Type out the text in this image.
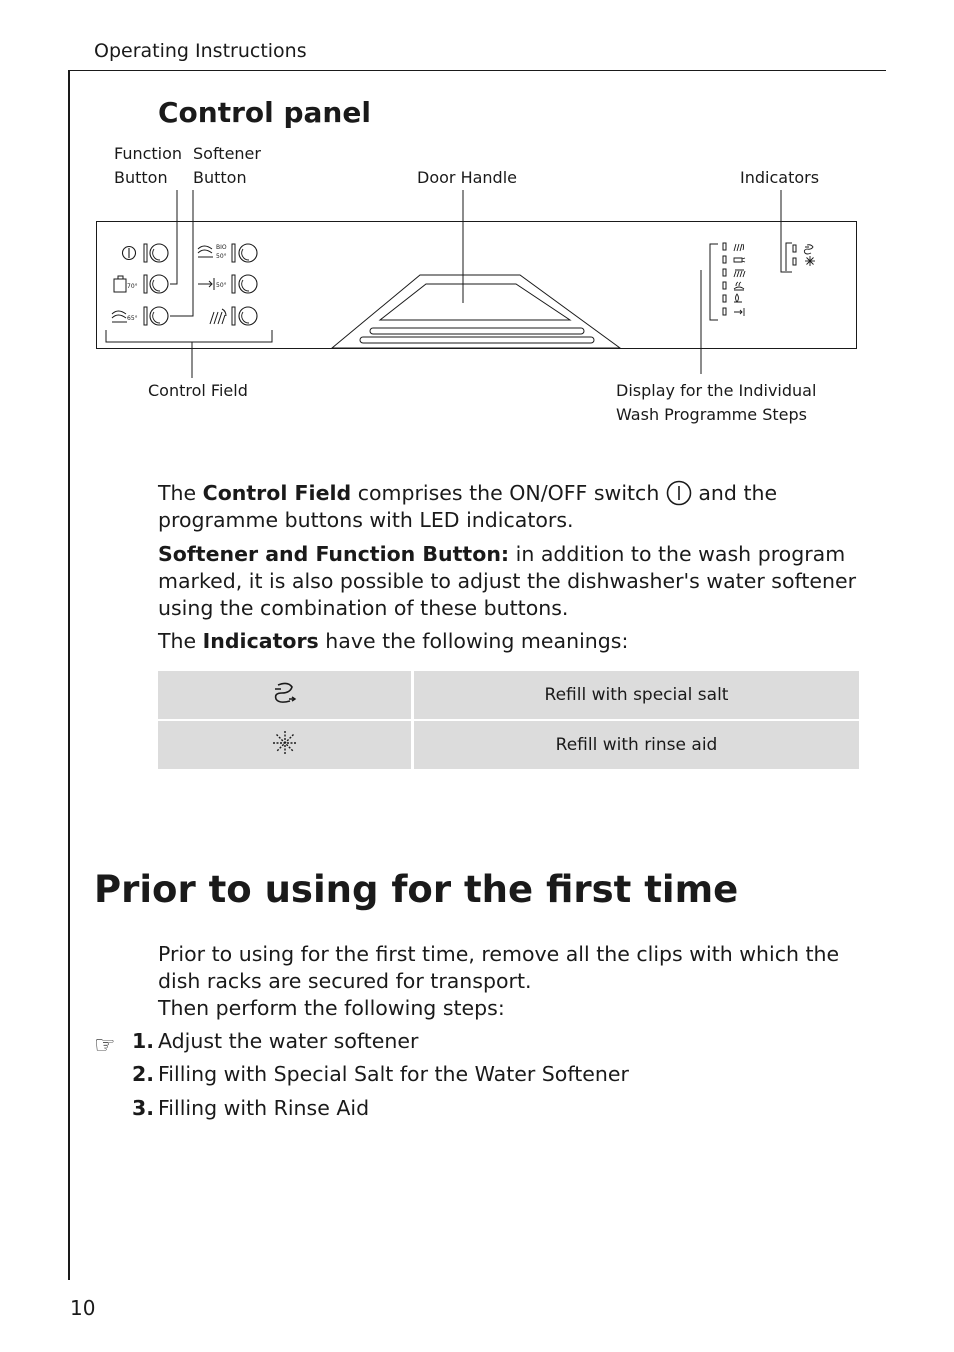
Operating Instructions
10
Control panel
Function
Button
Softener
Button	Door Handle	Indicators
Control Field	Display for the Individual
Wash Programme Steps
70°
65°
BIO
50°
50°
The Control Field comprises the ON/OFF switch  and the programme buttons with LED indicators.
Softener and Function Button: in addition to the wash program marked, it is also possible to adjust the dishwasher's water softener using the combination of these buttons.
The Indicators have the following meanings:
	Refill with special salt
	Refill with rinse aid
Prior to using for the first time
Prior to using for the first time, remove all the clips with which the dish racks are secured for transport.
Then perform the following steps:
☞ 1. Adjust the water softener
2. Filling with Special Salt for the Water Softener
3. Filling with Rinse Aid
